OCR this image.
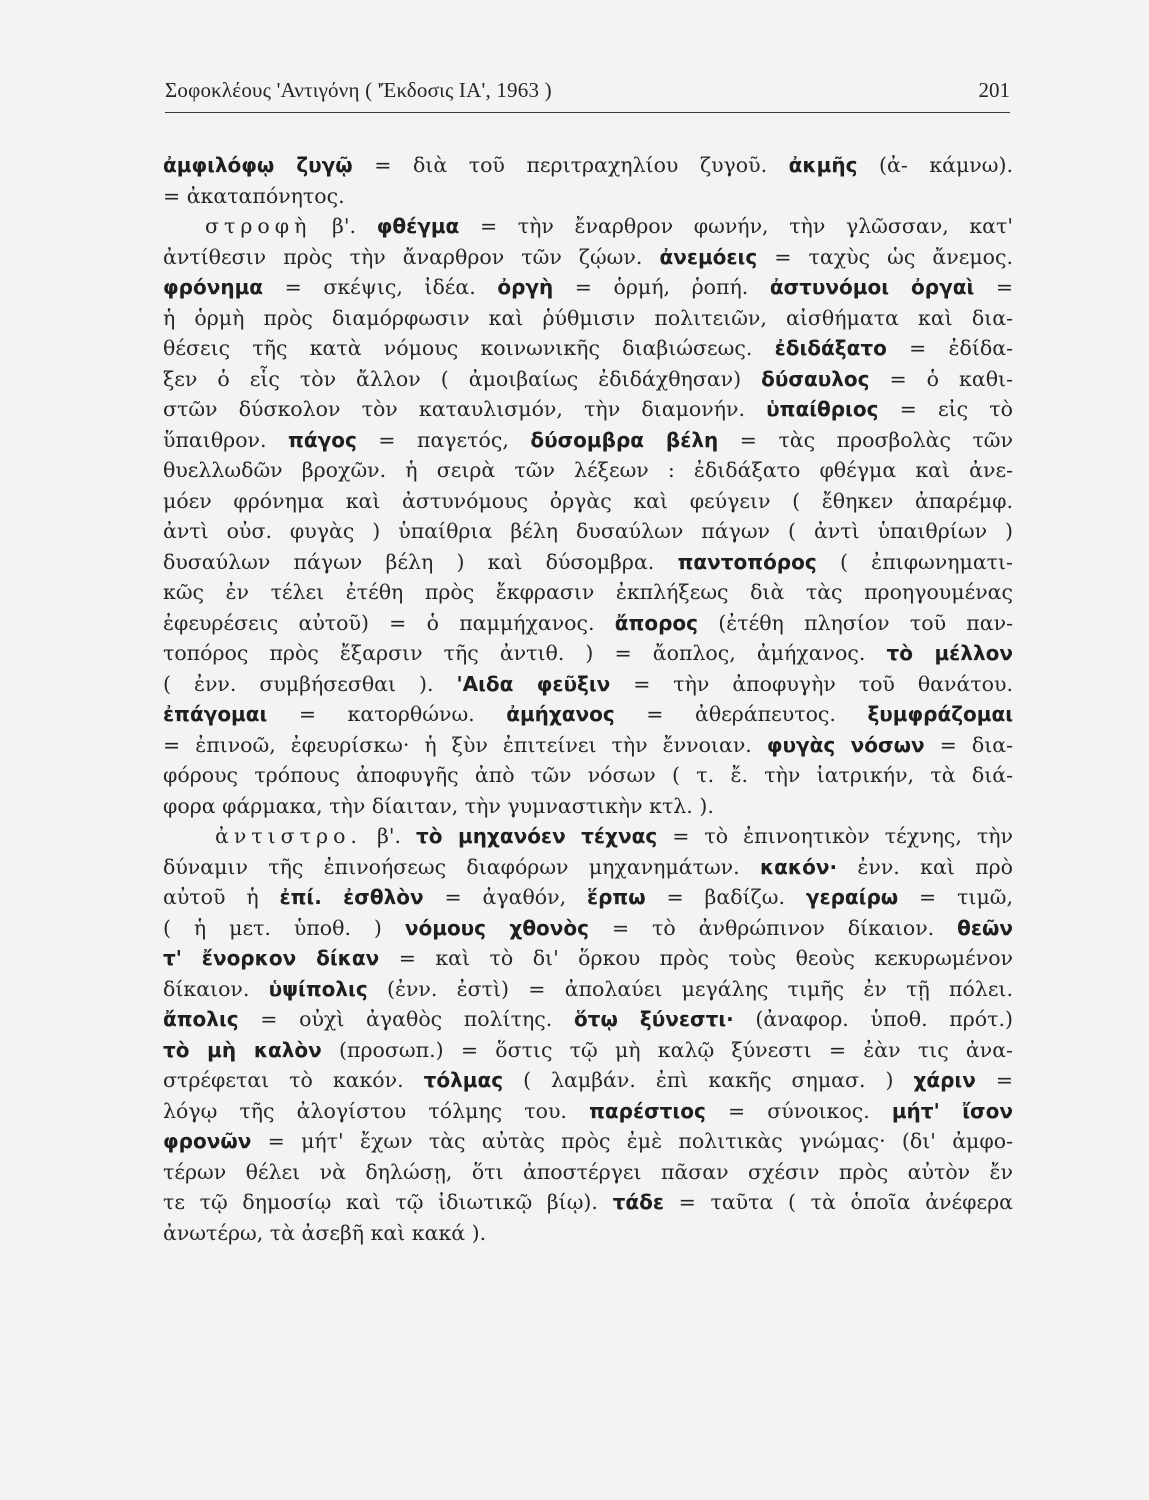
Σοφοκλέους 'Αντιγόνη ( 'Έκδοσις ΙΑ', 1963 )	201
ἀμφιλόφῳ ζυγῷ = διὰ τοῦ περιτραχηλίου ζυγοῦ. ἀκμῆς (ἀ- κάμνω).
= ἀκαταπόνητος.
στροφὴ β'. φθέγμα = τὴν ἔναρθρον φωνήν, τὴν γλῶσσαν, κατ'
ἀντίθεσιν πρὸς τὴν ἄναρθρον τῶν ζῴων. ἀνεμόεις = ταχὺς ὡς ἄνεμος.
φρόνημα = σκέψις, ἰδέα. ὀργὴ = ὁρμή, ῥοπή. ἀστυνόμοι ὀργαὶ =
ἡ ὁρμὴ πρὸς διαμόρφωσιν καὶ ῥύθμισιν πολιτειῶν, αἰσθήματα καὶ δια-
θέσεις τῆς κατὰ νόμους κοινωνικῆς διαβιώσεως. ἐδιδάξατο = ἐδίδα-
ξεν ὁ εἷς τὸν ἄλλον ( ἀμοιβαίως ἐδιδάχθησαν) δύσαυλος = ὁ καθι-
στῶν δύσκολον τὸν καταυλισμόν, τὴν διαμονήν. ὑπαίθριος = εἰς τὸ
ὕπαιθρον. πάγος = παγετός, δύσομβρα βέλη = τὰς προσβολὰς τῶν
θυελλωδῶν βροχῶν. ἡ σειρὰ τῶν λέξεων : ἐδιδάξατο φθέγμα καὶ ἀνε-
μόεν φρόνημα καὶ ἀστυνόμους ὀργὰς καὶ φεύγειν ( ἔθηκεν ἀπαρέμφ.
ἀντὶ οὐσ. φυγὰς ) ὑπαίθρια βέλη δυσαύλων πάγων ( ἀντὶ ὑπαιθρίων )
δυσαύλων πάγων βέλη ) καὶ δύσομβρα. παντοπόρος ( ἐπιφωνηματι-
κῶς ἐν τέλει ἐτέθη πρὸς ἔκφρασιν ἐκπλήξεως διὰ τὰς προηγουμένας
ἐφευρέσεις αὐτοῦ) = ὁ παμμήχανος. ἄπορος (ἐτέθη πλησίον τοῦ παν-
τοπόρος πρὸς ἔξαρσιν τῆς ἀντιθ. ) = ἄοπλος, ἀμήχανος. τὸ μέλλον
( ἐνν. συμβήσεσθαι ). 'Αιδα φεῦξιν = τὴν ἀποφυγὴν τοῦ θανάτου.
ἐπάγομαι = κατορθώνω. ἀμήχανος = ἀθεράπευτος. ξυμφράζομαι
= ἐπινοῶ, ἐφευρίσκω· ἡ ξὺν ἐπιτείνει τὴν ἔννοιαν. φυγὰς νόσων = δια-
φόρους τρόπους ἀποφυγῆς ἀπὸ τῶν νόσων ( τ. ἔ. τὴν ἰατρικήν, τὰ διά-
φορα φάρμακα, τὴν δίαιταν, τὴν γυμναστικὴν κτλ. ).
ἀντιστρο. β'. τὸ μηχανόεν τέχνας = τὸ ἐπινοητικὸν τέχνης, τὴν
δύναμιν τῆς ἐπινοήσεως διαφόρων μηχανημάτων. κακόν· ἐνν. καὶ πρὸ
αὐτοῦ ἡ ἐπί. ἐσθλὸν = ἀγαθόν, ἕρπω = βαδίζω. γεραίρω = τιμῶ,
( ἡ μετ. ὑποθ. ) νόμους χθονὸς = τὸ ἀνθρώπινον δίκαιον. θεῶν
τ' ἔνορκον δίκαν = καὶ τὸ δι' ὅρκου πρὸς τοὺς θεοὺς κεκυρωμένον
δίκαιον. ὑψίπολις (ἐνν. ἐστὶ) = ἀπολαύει μεγάλης τιμῆς ἐν τῇ πόλει.
ἄπολις = οὐχὶ ἀγαθὸς πολίτης. ὅτῳ ξύνεστι· (ἀναφορ. ὑποθ. πρότ.)
τὸ μὴ καλὸν (προσωπ.) = ὅστις τῷ μὴ καλῷ ξύνεστι = ἐὰν τις ἀνα-
στρέφεται τὸ κακόν. τόλμας ( λαμβάν. ἐπὶ κακῆς σημασ. ) χάριν =
λόγῳ τῆς ἀλογίστου τόλμης του. παρέστιος = σύνοικος. μήτ' ἴσον
φρονῶν = μήτ' ἔχων τὰς αὐτὰς πρὸς ἐμὲ πολιτικὰς γνώμας· (δι' ἀμφο-
τέρων θέλει νὰ δηλώσῃ, ὅτι ἀποστέργει πᾶσαν σχέσιν πρὸς αὐτὸν ἔν
τε τῷ δημοσίῳ καὶ τῷ ἰδιωτικῷ βίῳ). τάδε = ταῦτα ( τὰ ὁποῖα ἀνέφερα
ἀνωτέρω, τὰ ἀσεβῆ καὶ κακά ).
